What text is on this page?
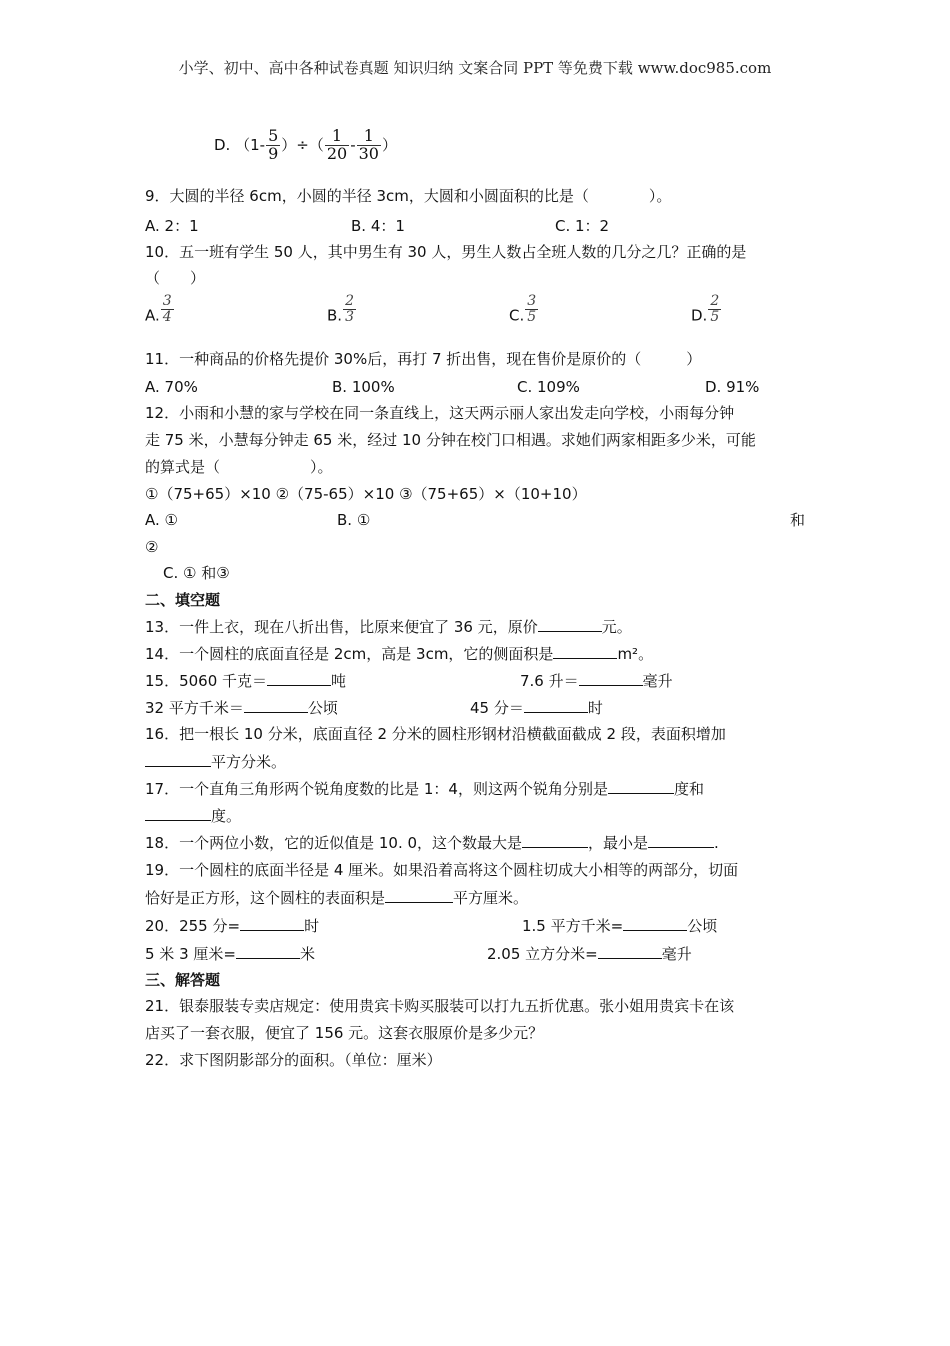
小学、初中、高中各种试卷真题 知识归纳 文案合同 PPT 等免费下载 www.doc985.com
D. （$1- \frac{5}{9}$ ）÷（ $\frac{1}{20} - \frac{1}{30}$ ）
9．大圆的半径 6cm，小圆的半径 3cm，大圆和小圆面积的比是（　　　　）。
A. 2：1	B. 4：1	C. 1：2
10．五一班有学生 50 人，其中男生有 30 人，男生人数占全班人数的几分之几？正确的是
（　　）
A. $\frac{3}{4}$	B. $\frac{2}{3}$	C. $\frac{3}{5}$	D. $\frac{2}{5}$
11．一种商品的价格先提价 30%后，再打 7 折出售，现在售价是原价的（　　　）
A. 70%	B. 100%	C. 109%	D. 91%
12．小雨和小慧的家与学校在同一条直线上，这天两示丽人家出发走向学校，小雨每分钟
走 75 米，小慧每分钟走 65 米，经过 10 分钟在校门口相遇。求她们两家相距多少米，可能
的算式是（　　　　　　）。
①（75+65）×10 ②（75-65）×10 ③（75+65）×（10+10）
A. ①	B. ①	和
②
C. ① 和③
二、填空题
13．一件上衣，现在八折出售，比原来便宜了 36 元，原价	元。
14．一个圆柱的底面直径是 2cm，高是 3cm，它的侧面积是	m²。
15．5060 千克＝	吨	7.6 升＝	毫升
32 平方千米＝	公顷	45 分＝	时
16．把一根长 10 分米，底面直径 2 分米的圆柱形钢材沿横截面截成 2 段，表面积增加
平方分米。
17．一个直角三角形两个锐角度数的比是 1：4，则这两个锐角分别是	度和
度。
18．一个两位小数，它的近似值是 10. 0，这个数最大是	，最小是	.
19．一个圆柱的底面半径是 4 厘米。如果沿着高将这个圆柱切成大小相等的两部分，切面
恰好是正方形，这个圆柱的表面积是	平方厘米。
20．255 分=	时	1.5 平方千米=	公顷
5 米 3 厘米=	米	2.05 立方分米=	毫升
三、解答题
21．银泰服装专卖店规定：使用贵宾卡购买服装可以打九五折优惠。张小姐用贵宾卡在该
店买了一套衣服，便宜了 156 元。这套衣服原价是多少元？
22．求下图阴影部分的面积。（单位：厘米）
